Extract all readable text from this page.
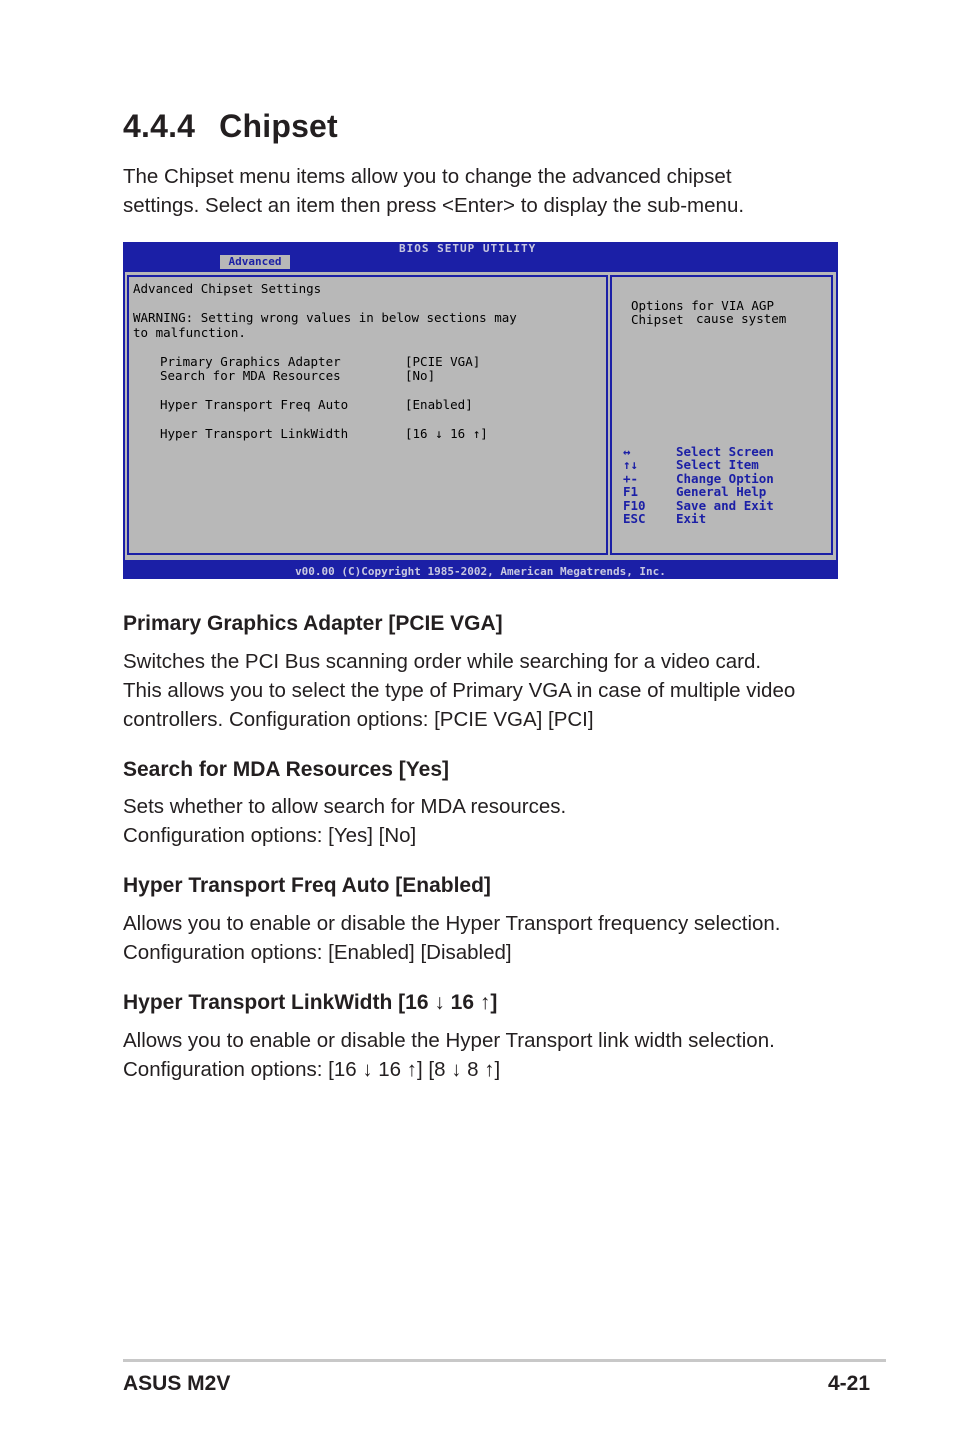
4.4.4 Chipset

The Chipset menu items allow you to change the advanced chipset
settings. Select an item then press <Enter> to display the sub-menu.

BIOS SETUP UTILITY
Advanced
Advanced Chipset Settings
WARNING: Setting wrong values in below sections may
to malfunction.
Primary Graphics Adapter	[PCIE VGA]
Search for MDA Resources	[No]
Hyper Transport Freq Auto	[Enabled]
Hyper Transport LinkWidth	[16 ↓ 16 ↑]
Options for VIA AGP
Chipset cause system
↔	Select Screen
↑↓	Select Item
+-	Change Option
F1	General Help
F10 Save and Exit
ESC Exit
v00.00 (C)Copyright 1985-2002, American Megatrends, Inc.
Primary Graphics Adapter [PCIE VGA]

Switches the PCI Bus scanning order while searching for a video card.
This allows you to select the type of Primary VGA in case of multiple video
controllers. Configuration options: [PCIE VGA] [PCI]

Search for MDA Resources [Yes]

Sets whether to allow search for MDA resources.
Configuration options: [Yes] [No]

Hyper Transport Freq Auto [Enabled]

Allows you to enable or disable the Hyper Transport frequency selection.
Configuration options: [Enabled] [Disabled]

Hyper Transport LinkWidth [16 ↓ 16 ↑]

Allows you to enable or disable the Hyper Transport link width selection.
Configuration options: [16 ↓ 16 ↑] [8 ↓ 8 ↑]

ASUS M2V	4-21
